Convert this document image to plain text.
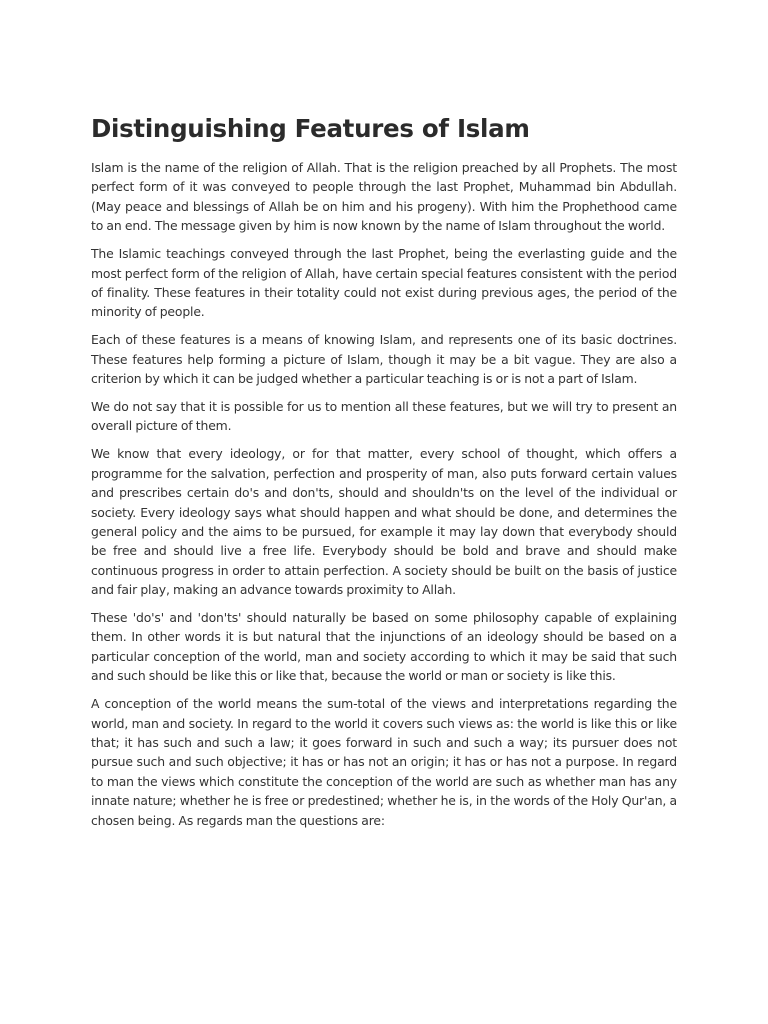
Distinguishing Features of Islam

Islam is the name of the religion of Allah. That is the religion preached by all Prophets. The most perfect form of it was conveyed to people through the last Prophet, Muhammad bin Abdullah. (May peace and blessings of Allah be on him and his progeny). With him the Prophethood came to an end. The message given by him is now known by the name of Islam throughout the world.

The Islamic teachings conveyed through the last Prophet, being the everlasting guide and the most perfect form of the religion of Allah, have certain special features consistent with the period of finality. These features in their totality could not exist during previous ages, the period of the minority of people.

Each of these features is a means of knowing Islam, and represents one of its basic doctrines. These features help forming a picture of Islam, though it may be a bit vague. They are also a criterion by which it can be judged whether a particular teaching is or is not a part of Islam.

We do not say that it is possible for us to mention all these features, but we will try to present an overall picture of them.

We know that every ideology, or for that matter, every school of thought, which offers a programme for the salvation, perfection and prosperity of man, also puts forward certain values and prescribes certain do's and don'ts, should and shouldn'ts on the level of the individual or society. Every ideology says what should happen and what should be done, and determines the general policy and the aims to be pursued, for example it may lay down that everybody should be free and should live a free life. Everybody should be bold and brave and should make continuous progress in order to attain perfection. A society should be built on the basis of justice and fair play, making an advance towards proximity to Allah.

These 'do's' and 'don'ts' should naturally be based on some philosophy capable of explaining them. In other words it is but natural that the injunctions of an ideology should be based on a particular conception of the world, man and society according to which it may be said that such and such should be like this or like that, because the world or man or society is like this.

A conception of the world means the sum-total of the views and interpretations regarding the world, man and society. In regard to the world it covers such views as: the world is like this or like that; it has such and such a law; it goes forward in such and such a way; its pursuer does not pursue such and such objective; it has or has not an origin; it has or has not a purpose. In regard to man the views which constitute the conception of the world are such as whether man has any innate nature; whether he is free or predestined; whether he is, in the words of the Holy Qur'an, a chosen being. As regards man the questions are:
